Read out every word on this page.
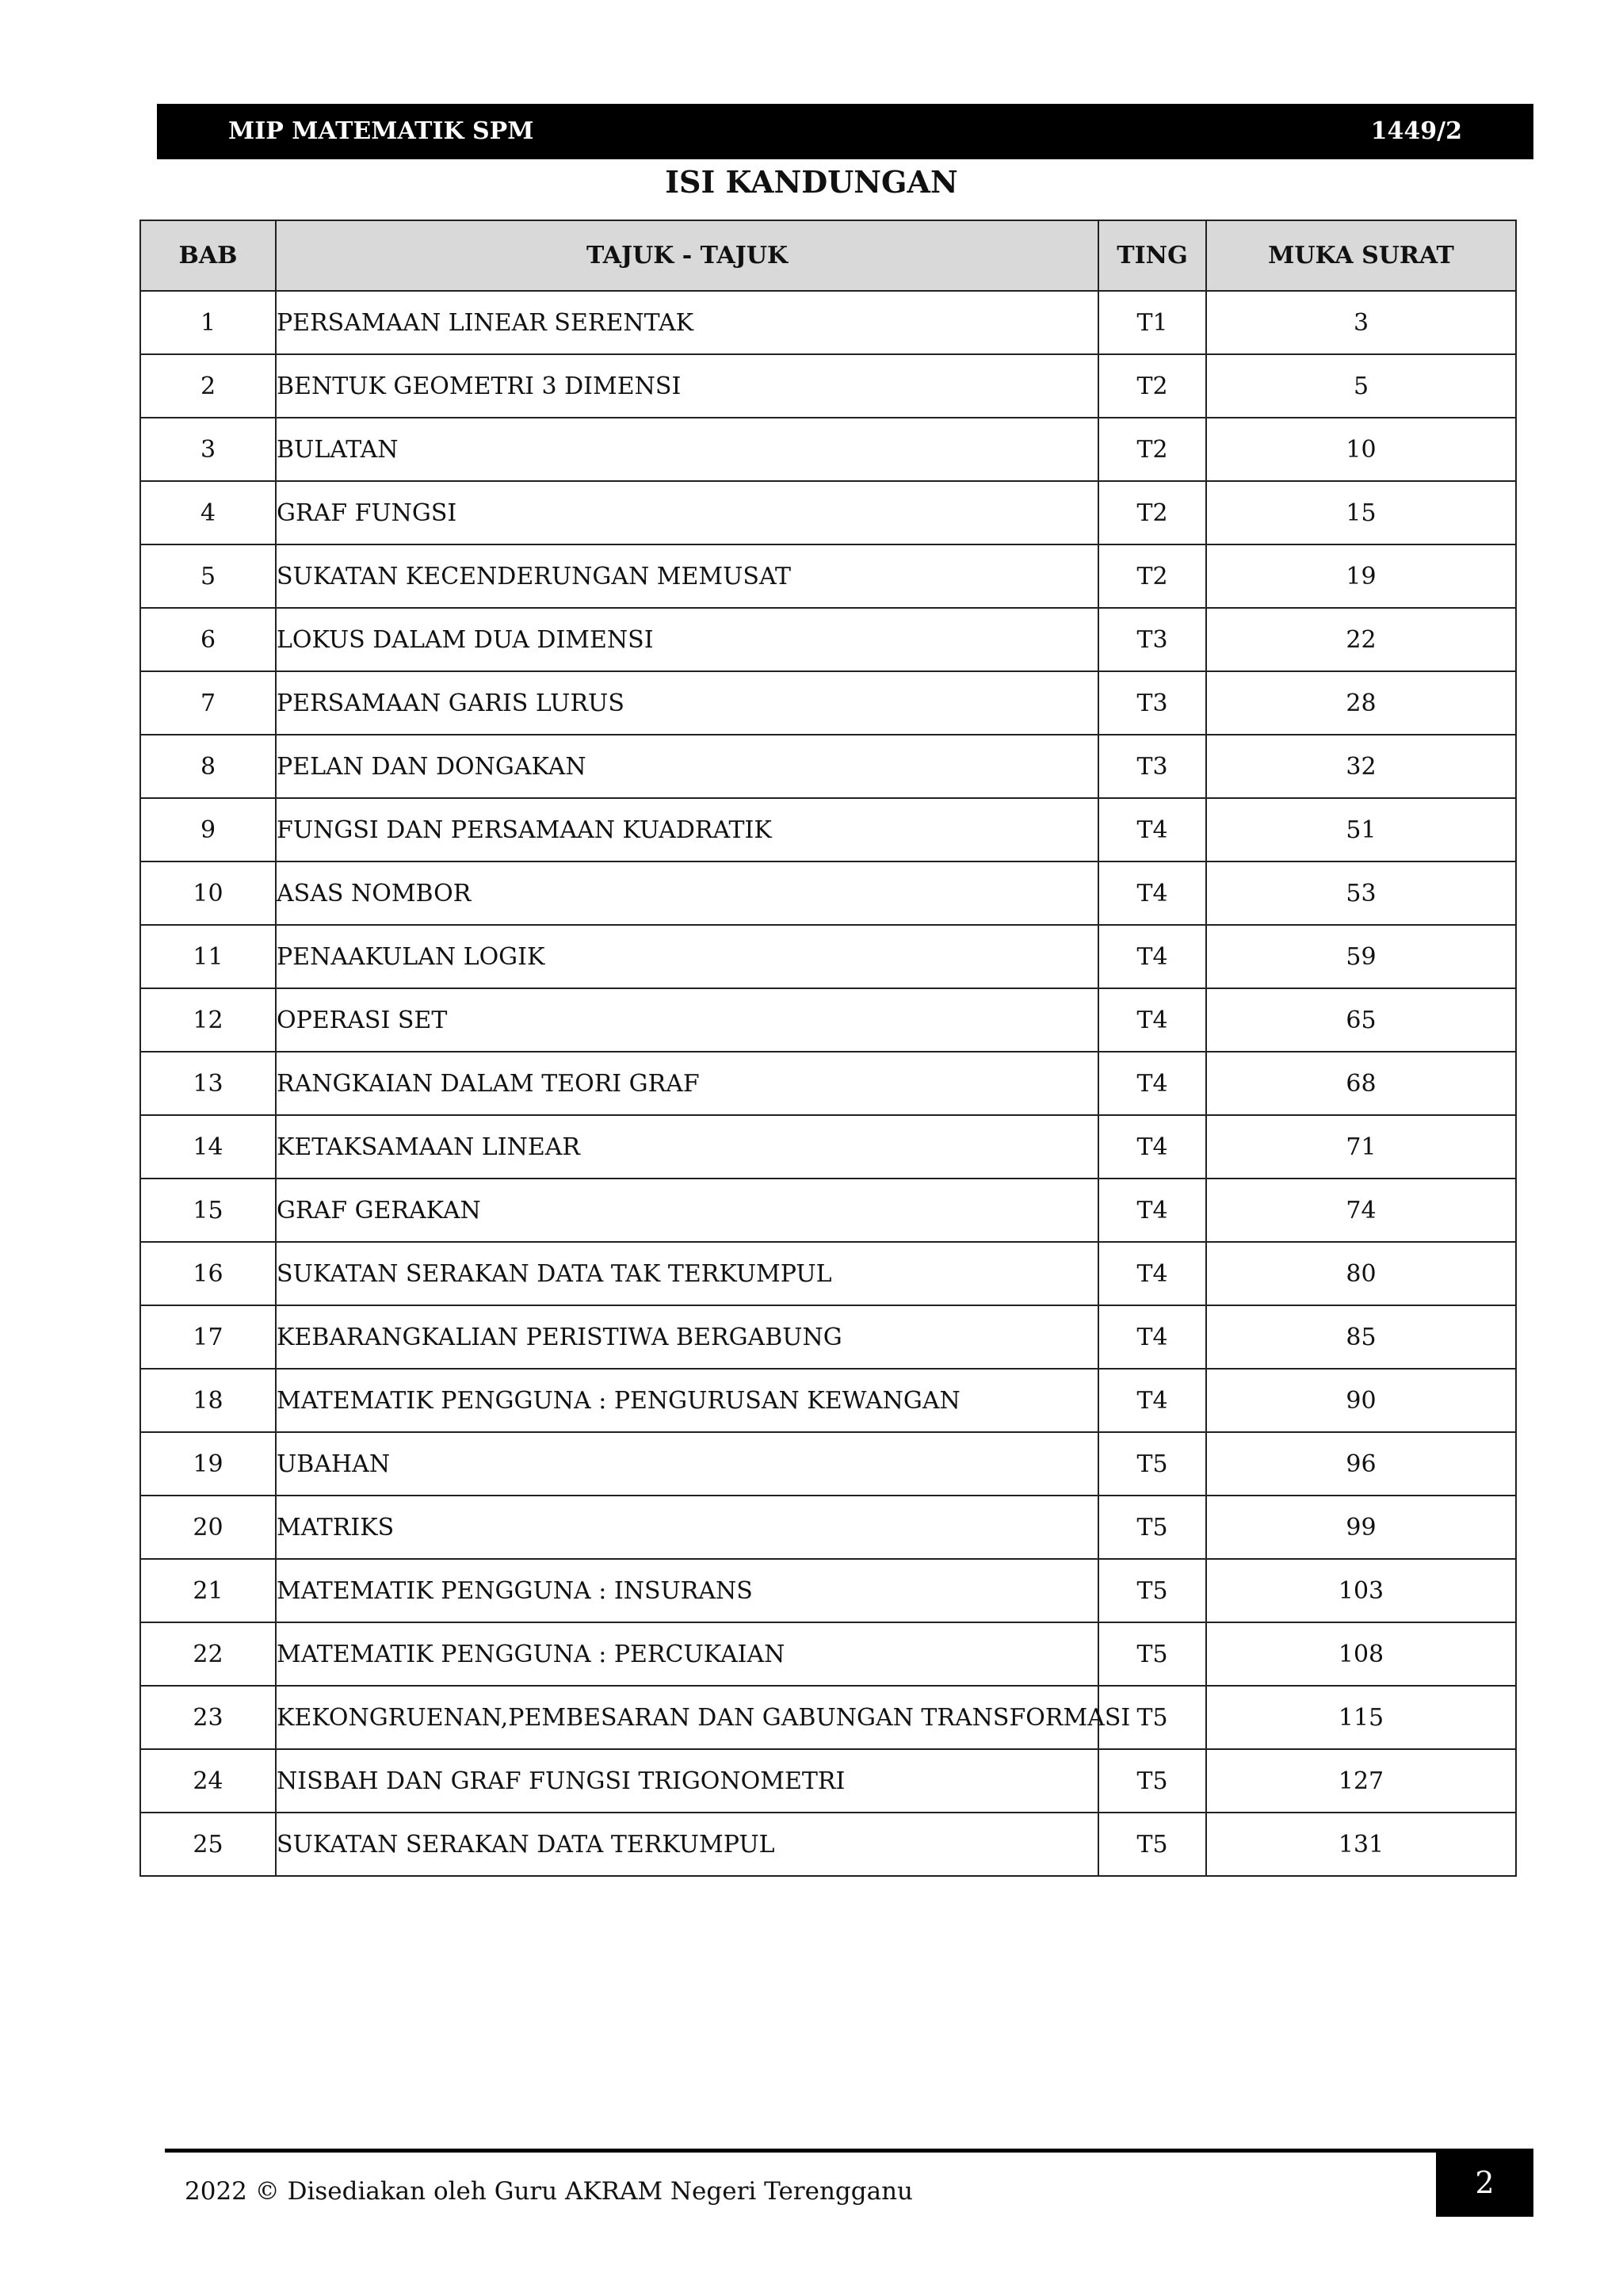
MIP MATEMATIK SPM	1449/2
ISI KANDUNGAN
BAB	TAJUK - TAJUK	TING	MUKA SURAT
1	PERSAMAAN LINEAR SERENTAK	T1	3
2	BENTUK GEOMETRI 3 DIMENSI	T2	5
3	BULATAN	T2	10
4	GRAF FUNGSI	T2	15
5	SUKATAN KECENDERUNGAN MEMUSAT	T2	19
6	LOKUS DALAM DUA DIMENSI	T3	22
7	PERSAMAAN GARIS LURUS	T3	28
8	PELAN DAN DONGAKAN	T3	32
9	FUNGSI DAN PERSAMAAN KUADRATIK	T4	51
10	ASAS NOMBOR	T4	53
11	PENAAKULAN LOGIK	T4	59
12	OPERASI SET	T4	65
13	RANGKAIAN DALAM TEORI GRAF	T4	68
14	KETAKSAMAAN LINEAR	T4	71
15	GRAF GERAKAN	T4	74
16	SUKATAN SERAKAN DATA TAK TERKUMPUL	T4	80
17	KEBARANGKALIAN PERISTIWA BERGABUNG	T4	85
18	MATEMATIK PENGGUNA : PENGURUSAN KEWANGAN	T4	90
19	UBAHAN	T5	96
20	MATRIKS	T5	99
21	MATEMATIK PENGGUNA : INSURANS	T5	103
22	MATEMATIK PENGGUNA : PERCUKAIAN	T5	108
23	KEKONGRUENAN,PEMBESARAN DAN GABUNGAN TRANSFORMASI	T5	115
24	NISBAH DAN GRAF FUNGSI TRIGONOMETRI	T5	127
25	SUKATAN SERAKAN DATA TERKUMPUL	T5	131
2022 © Disediakan oleh Guru AKRAM Negeri Terengganu	2
